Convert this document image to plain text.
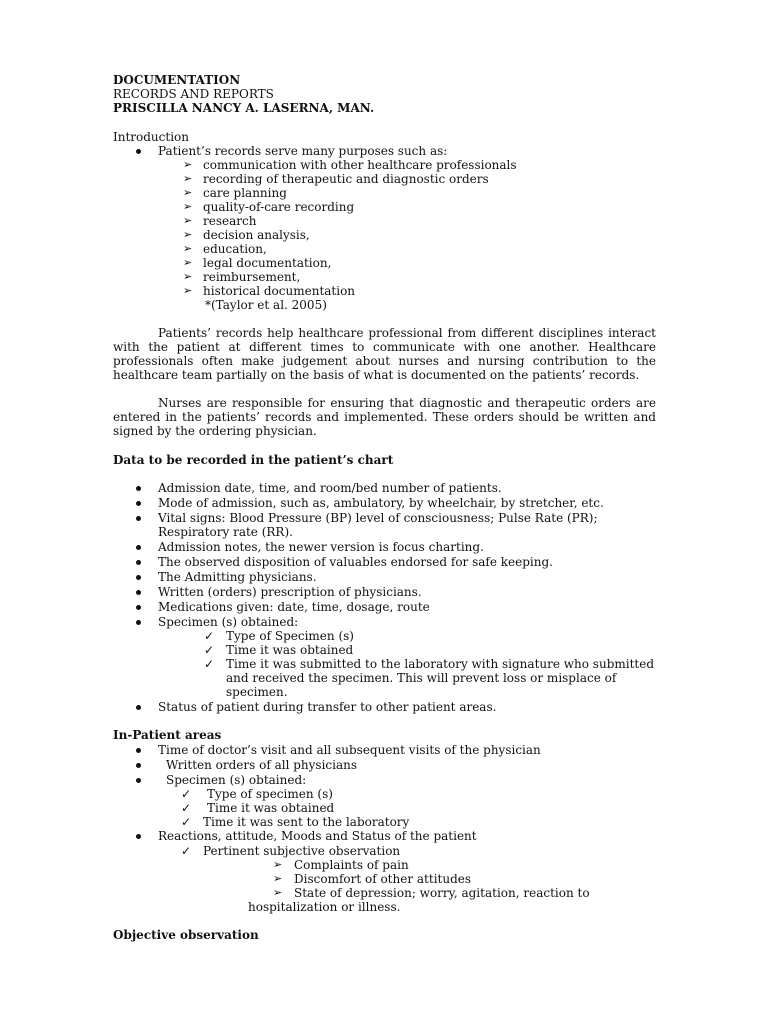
DOCUMENTATION
RECORDS AND REPORTS
PRISCILLA NANCY A. LASERNA, MAN.
Introduction
Patient’s records serve many purposes such as:
➢ communication with other healthcare professionals
➢ recording of therapeutic and diagnostic orders
➢ care planning
➢ quality-of-care recording
➢ research
➢ decision analysis,
➢ education,
➢ legal documentation,
➢ reimbursement,
➢ historical documentation
*(Taylor et al. 2005)
Patients’ records help healthcare professional from different disciplines interact
with the patient at different times to communicate with one another. Healthcare
professionals often make judgement about nurses and nursing contribution to the
healthcare team partially on the basis of what is documented on the patients’ records.
Nurses are responsible for ensuring that diagnostic and therapeutic orders are
entered in the patients’ records and implemented. These orders should be written and
signed by the ordering physician.
Data to be recorded in the patient’s chart
Admission date, time, and room/bed number of patients.
Mode of admission, such as, ambulatory, by wheelchair, by stretcher, etc.
Vital signs: Blood Pressure (BP) level of consciousness; Pulse Rate (PR);
Respiratory rate (RR).
Admission notes, the newer version is focus charting.
The observed disposition of valuables endorsed for safe keeping.
The Admitting physicians.
Written (orders) prescription of physicians.
Medications given: date, time, dosage, route
Specimen (s) obtained:
✓ Type of Specimen (s)
✓ Time it was obtained
✓ Time it was submitted to the laboratory with signature who submitted
and received the specimen. This will prevent loss or misplace of
specimen.
Status of patient during transfer to other patient areas.
In-Patient areas
Time of doctor’s visit and all subsequent visits of the physician
Written orders of all physicians
Specimen (s) obtained:
✓ Type of specimen (s)
✓ Time it was obtained
✓ Time it was sent to the laboratory
Reactions, attitude, Moods and Status of the patient
✓ Pertinent subjective observation
➢ Complaints of pain
➢ Discomfort of other attitudes
➢ State of depression; worry, agitation, reaction to
hospitalization or illness.
Objective observation
